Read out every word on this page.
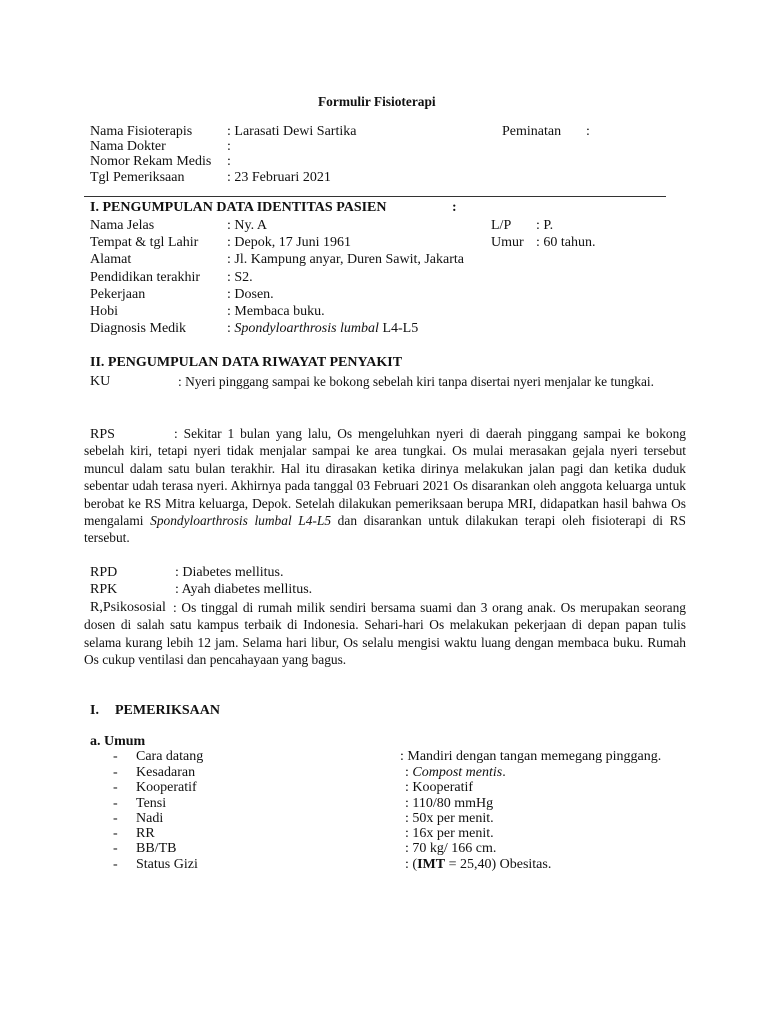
Formulir Fisioterapi
Nama Fisioterapis : Larasati Dewi Sartika	Peminatan :
Nama Dokter	:
Nomor Rekam Medis :
Tgl Pemeriksaan	: 23 Februari 2021
I. PENGUMPULAN DATA IDENTITAS PASIEN	:
Nama Jelas	: Ny. A	L/P : P.
Tempat & tgl Lahir : Depok, 17 Juni 1961	Umur : 60 tahun.
Alamat	: Jl. Kampung anyar, Duren Sawit, Jakarta
Pendidikan terakhir : S2.
Pekerjaan	: Dosen.
Hobi	: Membaca buku.
Diagnosis Medik	: Spondyloarthrosis lumbal L4-L5
II. PENGUMPULAN DATA RIWAYAT PENYAKIT
KU	: Nyeri pinggang sampai ke bokong sebelah kiri tanpa disertai nyeri menjalar ke tungkai.
RPS	: Sekitar 1 bulan yang lalu, Os mengeluhkan nyeri di daerah pinggang sampai ke bokong sebelah kiri, tetapi nyeri tidak menjalar sampai ke area tungkai. Os mulai merasakan gejala nyeri tersebut muncul dalam satu bulan terakhir. Hal itu dirasakan ketika dirinya melakukan jalan pagi dan ketika duduk sebentar udah terasa nyeri. Akhirnya pada tanggal 03 Februari 2021 Os disarankan oleh anggota keluarga untuk berobat ke RS Mitra keluarga, Depok. Setelah dilakukan pemeriksaan berupa MRI, didapatkan hasil bahwa Os mengalami Spondyloarthrosis lumbal L4-L5 dan disarankan untuk dilakukan terapi oleh fisioterapi di RS tersebut.
RPD	: Diabetes mellitus.
RPK	: Ayah diabetes mellitus.
R,Psikososial : Os tinggal di rumah milik sendiri bersama suami dan 3 orang anak. Os merupakan seorang dosen di salah satu kampus terbaik di Indonesia. Sehari-hari Os melakukan pekerjaan di depan papan tulis selama kurang lebih 12 jam. Selama hari libur, Os selalu mengisi waktu luang dengan membaca buku. Rumah Os cukup ventilasi dan pencahayaan yang bagus.
I. PEMERIKSAAN
a. Umum
- Cara datang	: Mandiri dengan tangan memegang pinggang.
- Kesadaran	: Compost mentis.
- Kooperatif	: Kooperatif
- Tensi	: 110/80 mmHg
- Nadi	: 50x per menit.
- RR	: 16x per menit.
- BB/TB	: 70 kg/ 166 cm.
- Status Gizi	: (IMT = 25,40) Obesitas.
